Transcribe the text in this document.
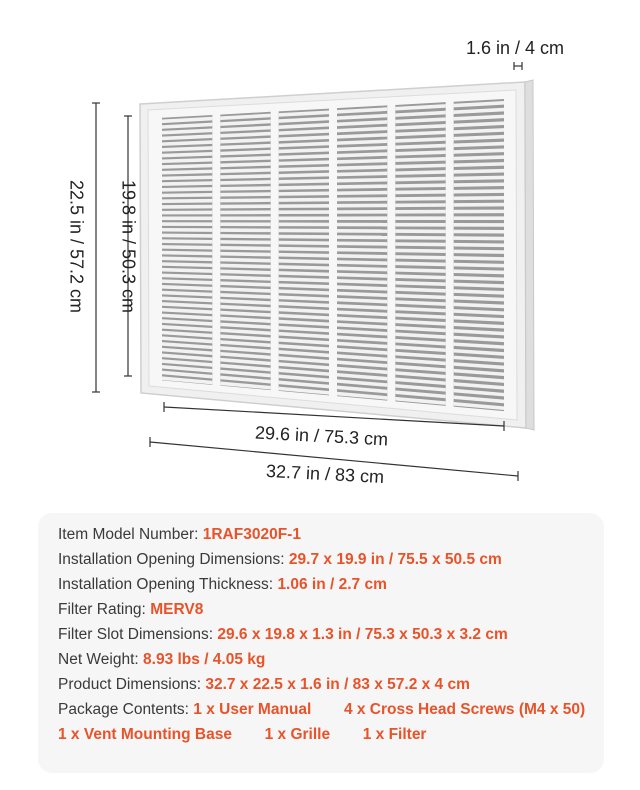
1.6 in / 4 cm
19.8 in / 50.3 cm
22.5 in / 57.2 cm
29.6 in / 75.3 cm
32.7 in / 83 cm
Item Model Number: 1RAF3020F-1
Installation Opening Dimensions: 29.7 x 19.9 in / 75.5 x 50.5 cm
Installation Opening Thickness: 1.06 in / 2.7 cm
Filter Rating: MERV8
Filter Slot Dimensions: 29.6 x 19.8 x 1.3 in / 75.3 x 50.3 x 3.2 cm
Net Weight: 8.93 lbs / 4.05 kg
Product Dimensions: 32.7 x 22.5 x 1.6 in / 83 x 57.2 x 4 cm
Package Contents: 1 x User Manual 4 x Cross Head Screws (M4 x 50)
1 x Vent Mounting Base 1 x Grille 1 x Filter
